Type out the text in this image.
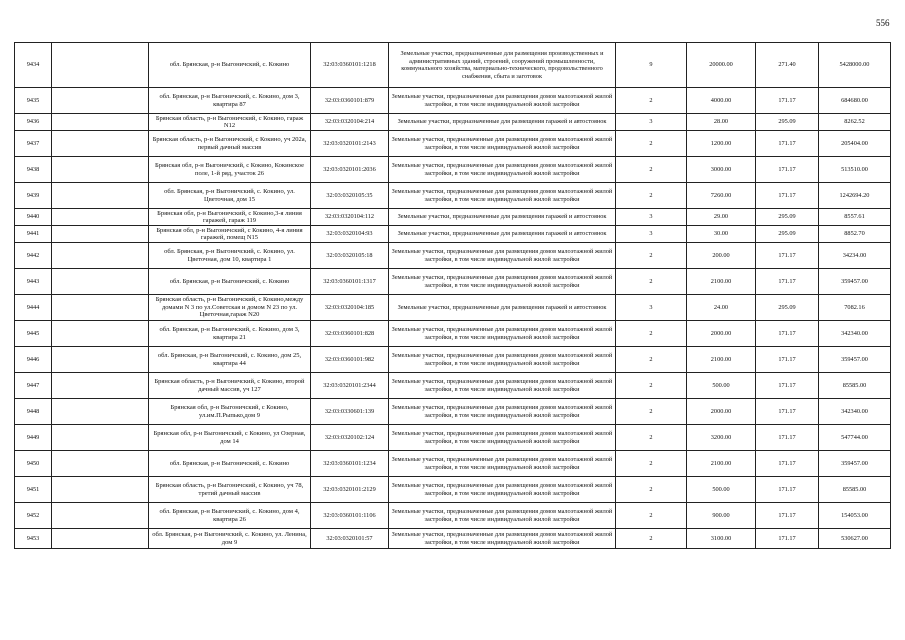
556
9434		обл. Брянская, р-н Выгоничский, с. Кокино	32:03:0360101:1218	Земельные участки, предназначенные для размещения производственных и административных зданий, строений, сооружений промышленности, коммунального хозяйства, материально-технического, продовольственного снабжения, сбыта и заготовок	9	20000.00	271.40	5428000.00
9435		обл. Брянская, р-н Выгоничский, с. Кокино, дом 3, квартира 87	32:03:0360101:879	Земельные участки, предназначенные для размещения домов малоэтажной жилой застройки, в том числе индивидуальной жилой застройки	2	4000.00	171.17	684680.00
9436		Брянская область, р-н Выгоничский, с Кокино, гараж N12	32:03:0320104:214	Земельные участки, предназначенные для размещения гаражей и автостоянок	3	28.00	295.09	8262.52
9437		Брянская область, р-н Выгоничский, с Кокино, уч 202а, первый дачный массив	32:03:0320101:2143	Земельные участки, предназначенные для размещения домов малоэтажной жилой застройки, в том числе индивидуальной жилой застройки	2	1200.00	171.17	205404.00
9438		Брянская обл, р-н Выгоничский, с Кокино, Кокинское поле, 1-й ряд, участок 26	32:03:0320101:2036	Земельные участки, предназначенные для размещения домов малоэтажной жилой застройки, в том числе индивидуальной жилой застройки	2	3000.00	171.17	513510.00
9439		обл. Брянская, р-н Выгоничский, с. Кокино, ул. Цветочная, дом 15	32:03:0320105:35	Земельные участки, предназначенные для размещения домов малоэтажной жилой застройки, в том числе индивидуальной жилой застройки	2	7260.00	171.17	1242694.20
9440		Брянская обл, р-н Выгоничский, с Кокино,3-я линия гаражей, гараж 119	32:03:0320104:112	Земельные участки, предназначенные для размещения гаражей и автостоянок	3	29.00	295.09	8557.61
9441		Брянская обл, р-н Выгоничский, с Кокино, 4-я линия гаражей, помещ N15	32:03:0320104:93	Земельные участки, предназначенные для размещения гаражей и автостоянок	3	30.00	295.09	8852.70
9442		обл. Брянская, р-н Выгоничский, с. Кокино, ул. Цветочная, дом 10, квартира 1	32:03:0320105:18	Земельные участки, предназначенные для размещения домов малоэтажной жилой застройки, в том числе индивидуальной жилой застройки	2	200.00	171.17	34234.00
9443		обл. Брянская, р-н Выгоничский, с. Кокино	32:03:0360101:1317	Земельные участки, предназначенные для размещения домов малоэтажной жилой застройки, в том числе индивидуальной жилой застройки	2	2100.00	171.17	359457.00
9444		Брянская область, р-н Выгоничский, с Кокино,между домами N 3 по ул.Советская и домом N 23 по ул. Цветочная,гараж N20	32:03:0320104:185	Земельные участки, предназначенные для размещения гаражей и автостоянок	3	24.00	295.09	7082.16
9445		обл. Брянская, р-н Выгоничский, с. Кокино, дом 3, квартира 21	32:03:0360101:828	Земельные участки, предназначенные для размещения домов малоэтажной жилой застройки, в том числе индивидуальной жилой застройки	2	2000.00	171.17	342340.00
9446		обл. Брянская, р-н Выгоничский, с. Кокино, дом 25, квартира 44	32:03:0360101:982	Земельные участки, предназначенные для размещения домов малоэтажной жилой застройки, в том числе индивидуальной жилой застройки	2	2100.00	171.17	359457.00
9447		Брянская область, р-н Выгоничский, с Кокино, второй дачный массив, уч 127	32:03:0320101:2344	Земельные участки, предназначенные для размещения домов малоэтажной жилой застройки, в том числе индивидуальной жилой застройки	2	500.00	171.17	85585.00
9448		Брянская обл, р-н Выгоничский, с Кокино, ул.им.П.Рыпько,дом 9	32:03:0330601:139	Земельные участки, предназначенные для размещения домов малоэтажной жилой застройки, в том числе индивидуальной жилой застройки	2	2000.00	171.17	342340.00
9449		Брянская обл, р-н Выгоничский, с Кокино, ул Озерная, дом 14	32:03:0320102:124	Земельные участки, предназначенные для размещения домов малоэтажной жилой застройки, в том числе индивидуальной жилой застройки	2	3200.00	171.17	547744.00
9450		обл. Брянская, р-н Выгоничский, с. Кокино	32:03:0360101:1234	Земельные участки, предназначенные для размещения домов малоэтажной жилой застройки, в том числе индивидуальной жилой застройки	2	2100.00	171.17	359457.00
9451		Брянская область, р-н Выгоничский, с Кокино, уч 78, третий дачный массив	32:03:0320101:2129	Земельные участки, предназначенные для размещения домов малоэтажной жилой застройки, в том числе индивидуальной жилой застройки	2	500.00	171.17	85585.00
9452		обл. Брянская, р-н Выгоничский, с. Кокино, дом 4, квартира 26	32:03:0360101:1106	Земельные участки, предназначенные для размещения домов малоэтажной жилой застройки, в том числе индивидуальной жилой застройки	2	900.00	171.17	154053.00
9453		обл. Брянская, р-н Выгоничский, с. Кокино, ул. Ленина, дом 9	32:03:0320101:57	Земельные участки, предназначенные для размещения домов малоэтажной жилой застройки, в том числе индивидуальной жилой застройки	2	3100.00	171.17	530627.00
